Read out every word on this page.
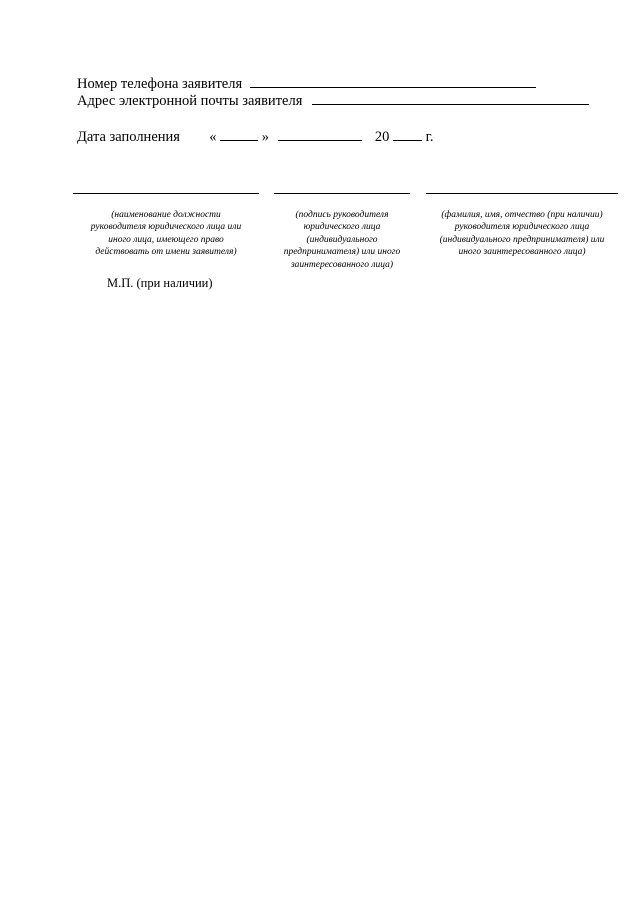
Номер телефона заявителя
Адрес электронной почты заявителя
Дата заполнения «	»	20	г.

(наименование должности
руководителя юридического лица или
иного лица, имеющего право
действовать от имени заявителя)

(подпись руководителя
юридического лица
(индивидуального
предпринимателя) или иного
заинтересованного лица)

(фамилия, имя, отчество (при наличии)
руководителя юридического лица
(индивидуального предпринимателя) или
иного заинтересованного лица)

М.П. (при наличии)
